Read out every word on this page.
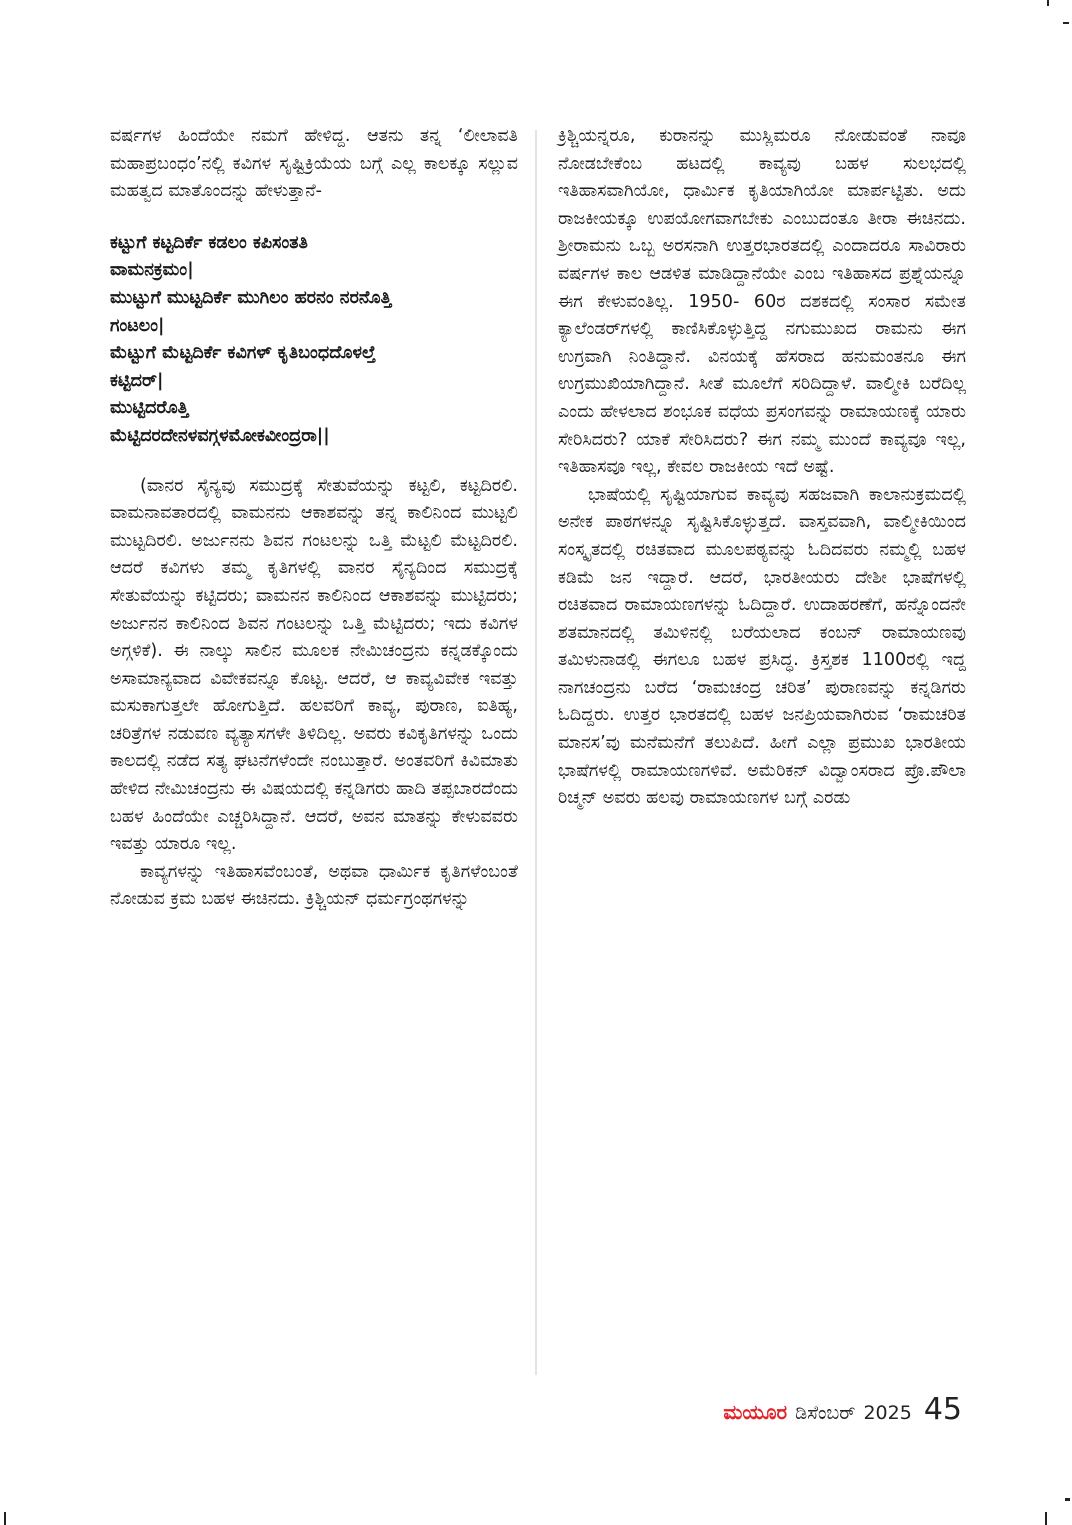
ವರ್ಷಗಳ ಹಿಂದೆಯೇ ನಮಗೆ ಹೇಳಿದ್ದ. ಆತನು ತನ್ನ ‘ಲೀಲಾವತಿ ಮಹಾಪ್ರಬಂಧಂ’ನಲ್ಲಿ ಕವಿಗಳ ಸೃಷ್ಟಿಕ್ರಿಯೆಯ ಬಗ್ಗೆ ಎಲ್ಲ ಕಾಲಕ್ಕೂ ಸಲ್ಲುವ ಮಹತ್ವದ ಮಾತೊಂದನ್ನು ಹೇಳುತ್ತಾನೆ-

ಕಟ್ಟುಗೆ ಕಟ್ಟದಿರ್ಕೆ ಕಡಲಂ ಕಪಿಸಂತತಿ
ವಾಮನಕ್ರಮಂ|
ಮುಟ್ಟುಗೆ ಮುಟ್ಟದಿರ್ಕೆ ಮುಗಿಲಂ ಹರನಂ ನರನೊತ್ತಿ
ಗಂಟಲಂ|
ಮೆಟ್ಟುಗೆ ಮೆಟ್ಟದಿರ್ಕೆ ಕವಿಗಳ್ ಕೃತಿಬಂಧದೊಳಲ್ತೆ
ಕಟ್ಟಿದರ್|
ಮುಟ್ಟಿದರೊತ್ತಿ
ಮೆಟ್ಟಿದರದೇನಳವಗ್ಗಳಮೋಕವೀಂದ್ರರಾ||

(ವಾನರ ಸೈನ್ಯವು ಸಮುದ್ರಕ್ಕೆ ಸೇತುವೆಯನ್ನು ಕಟ್ಟಲಿ, ಕಟ್ಟದಿರಲಿ. ವಾಮನಾವತಾರದಲ್ಲಿ ವಾಮನನು ಆಕಾಶವನ್ನು ತನ್ನ ಕಾಲಿನಿಂದ ಮುಟ್ಟಲಿ ಮುಟ್ಟದಿರಲಿ. ಅರ್ಜುನನು ಶಿವನ ಗಂಟಲನ್ನು ಒತ್ತಿ ಮೆಟ್ಟಲಿ ಮೆಟ್ಟದಿರಲಿ. ಆದರೆ ಕವಿಗಳು ತಮ್ಮ ಕೃತಿಗಳಲ್ಲಿ ವಾನರ ಸೈನ್ಯದಿಂದ ಸಮುದ್ರಕ್ಕೆ ಸೇತುವೆಯನ್ನು ಕಟ್ಟಿದರು; ವಾಮನನ ಕಾಲಿನಿಂದ ಆಕಾಶವನ್ನು ಮುಟ್ಟಿದರು; ಅರ್ಜುನನ ಕಾಲಿನಿಂದ ಶಿವನ ಗಂಟಲನ್ನು ಒತ್ತಿ ಮೆಟ್ಟಿದರು; ಇದು ಕವಿಗಳ ಅಗ್ಗಳಿಕೆ). ಈ ನಾಲ್ಕು ಸಾಲಿನ ಮೂಲಕ ನೇಮಿಚಂದ್ರನು ಕನ್ನಡಕ್ಕೊಂದು ಅಸಾಮಾನ್ಯವಾದ ವಿವೇಕವನ್ನೂ ಕೊಟ್ಟ. ಆದರೆ, ಆ ಕಾವ್ಯವಿವೇಕ ಇವತ್ತು ಮಸುಕಾಗುತ್ತಲೇ ಹೋಗುತ್ತಿದೆ. ಹಲವರಿಗೆ ಕಾವ್ಯ, ಪುರಾಣ, ಐತಿಹ್ಯ, ಚರಿತ್ರೆಗಳ ನಡುವಣ ವ್ಯತ್ಯಾಸಗಳೇ ತಿಳಿದಿಲ್ಲ. ಅವರು ಕವಿಕೃತಿಗಳನ್ನು ಒಂದು ಕಾಲದಲ್ಲಿ ನಡೆದ ಸತ್ಯ ಘಟನೆಗಳೆಂದೇ ನಂಬುತ್ತಾರೆ. ಅಂತವರಿಗೆ ಕಿವಿಮಾತು ಹೇಳಿದ ನೇಮಿಚಂದ್ರನು ಈ ವಿಷಯದಲ್ಲಿ ಕನ್ನಡಿಗರು ಹಾದಿ ತಪ್ಪಬಾರದೆಂದು ಬಹಳ ಹಿಂದೆಯೇ ಎಚ್ಚರಿಸಿದ್ದಾನೆ. ಆದರೆ, ಅವನ ಮಾತನ್ನು ಕೇಳುವವರು ಇವತ್ತು ಯಾರೂ ಇಲ್ಲ.

ಕಾವ್ಯಗಳನ್ನು ಇತಿಹಾಸವೆಂಬಂತೆ, ಅಥವಾ ಧಾರ್ಮಿಕ ಕೃತಿಗಳೆಂಬಂತೆ ನೋಡುವ ಕ್ರಮ ಬಹಳ ಈಚಿನದು. ಕ್ರಿಶ್ಚಿಯನ್ ಧರ್ಮಗ್ರಂಥಗಳನ್ನು

ಕ್ರಿಶ್ಚಿಯನ್ನರೂ, ಕುರಾನನ್ನು ಮುಸ್ಲಿಮರೂ ನೋಡುವಂತೆ ನಾವೂ ನೋಡಬೇಕೆಂಬ ಹಟದಲ್ಲಿ ಕಾವ್ಯವು ಬಹಳ ಸುಲಭದಲ್ಲಿ ಇತಿಹಾಸವಾಗಿಯೋ, ಧಾರ್ಮಿಕ ಕೃತಿಯಾಗಿಯೋ ಮಾರ್ಪಟ್ಟಿತು. ಅದು ರಾಜಕೀಯಕ್ಕೂ ಉಪಯೋಗವಾಗಬೇಕು ಎಂಬುದಂತೂ ತೀರಾ ಈಚಿನದು. ಶ್ರೀರಾಮನು ಒಬ್ಬ ಅರಸನಾಗಿ ಉತ್ತರಭಾರತದಲ್ಲಿ ಎಂದಾದರೂ ಸಾವಿರಾರು ವರ್ಷಗಳ ಕಾಲ ಆಡಳಿತ ಮಾಡಿದ್ದಾನೆಯೇ ಎಂಬ ಇತಿಹಾಸದ ಪ್ರಶ್ನೆಯನ್ನೂ ಈಗ ಕೇಳುವಂತಿಲ್ಲ. 1950- 60ರ ದಶಕದಲ್ಲಿ ಸಂಸಾರ ಸಮೇತ ಕ್ಯಾಲೆಂಡರ್‌ಗಳಲ್ಲಿ ಕಾಣಿಸಿಕೊಳ್ಳುತ್ತಿದ್ದ ನಗುಮುಖದ ರಾಮನು ಈಗ ಉಗ್ರವಾಗಿ ನಿಂತಿದ್ದಾನೆ. ವಿನಯಕ್ಕೆ ಹೆಸರಾದ ಹನುಮಂತನೂ ಈಗ ಉಗ್ರಮುಖಿಯಾಗಿದ್ದಾನೆ. ಸೀತೆ ಮೂಲೆಗೆ ಸರಿದಿದ್ದಾಳೆ. ವಾಲ್ಮೀಕಿ ಬರೆದಿಲ್ಲ ಎಂದು ಹೇಳಲಾದ ಶಂಭೂಕ ವಧೆಯ ಪ್ರಸಂಗವನ್ನು ರಾಮಾಯಣಕ್ಕೆ ಯಾರು ಸೇರಿಸಿದರು? ಯಾಕೆ ಸೇರಿಸಿದರು? ಈಗ ನಮ್ಮ ಮುಂದೆ ಕಾವ್ಯವೂ ಇಲ್ಲ, ಇತಿಹಾಸವೂ ಇಲ್ಲ, ಕೇವಲ ರಾಜಕೀಯ ಇದೆ ಅಷ್ಟೆ.

ಭಾಷೆಯಲ್ಲಿ ಸೃಷ್ಟಿಯಾಗುವ ಕಾವ್ಯವು ಸಹಜವಾಗಿ ಕಾಲಾನುಕ್ರಮದಲ್ಲಿ ಅನೇಕ ಪಾಠಗಳನ್ನೂ ಸೃಷ್ಟಿಸಿಕೊಳ್ಳುತ್ತದೆ. ವಾಸ್ತವವಾಗಿ, ವಾಲ್ಮೀಕಿಯಿಂದ ಸಂಸ್ಕೃತದಲ್ಲಿ ರಚಿತವಾದ ಮೂಲಪಠ್ಯವನ್ನು ಓದಿದವರು ನಮ್ಮಲ್ಲಿ ಬಹಳ ಕಡಿಮೆ ಜನ ಇದ್ದಾರೆ. ಆದರೆ, ಭಾರತೀಯರು ದೇಶೀ ಭಾಷೆಗಳಲ್ಲಿ ರಚಿತವಾದ ರಾಮಾಯಣಗಳನ್ನು ಓದಿದ್ದಾರೆ. ಉದಾಹರಣೆಗೆ, ಹನ್ನೊಂದನೇ ಶತಮಾನದಲ್ಲಿ ತಮಿಳಿನಲ್ಲಿ ಬರೆಯಲಾದ ಕಂಬನ್ ರಾಮಾಯಣವು ತಮಿಳುನಾಡಲ್ಲಿ ಈಗಲೂ ಬಹಳ ಪ್ರಸಿದ್ಧ. ಕ್ರಿಸ್ತಶಕ 1100ರಲ್ಲಿ ಇದ್ದ ನಾಗಚಂದ್ರನು ಬರೆದ ‘ರಾಮಚಂದ್ರ ಚರಿತ’ ಪುರಾಣವನ್ನು ಕನ್ನಡಿಗರು ಓದಿದ್ದರು. ಉತ್ತರ ಭಾರತದಲ್ಲಿ ಬಹಳ ಜನಪ್ರಿಯವಾಗಿರುವ ‘ರಾಮಚರಿತ ಮಾನಸ’ವು ಮನೆಮನೆಗೆ ತಲುಪಿದೆ. ಹೀಗೆ ಎಲ್ಲಾ ಪ್ರಮುಖ ಭಾರತೀಯ ಭಾಷೆಗಳಲ್ಲಿ ರಾಮಾಯಣಗಳಿವೆ. ಅಮೆರಿಕನ್ ವಿದ್ವಾಂಸರಾದ ಪ್ರೊ.ಪೌಲಾ ರಿಚ್ಮನ್ ಅವರು ಹಲವು ರಾಮಾಯಣಗಳ ಬಗ್ಗೆ ಎರಡು

ಮಯೂರ ಡಿಸೆಂಬರ್ 2025 45
